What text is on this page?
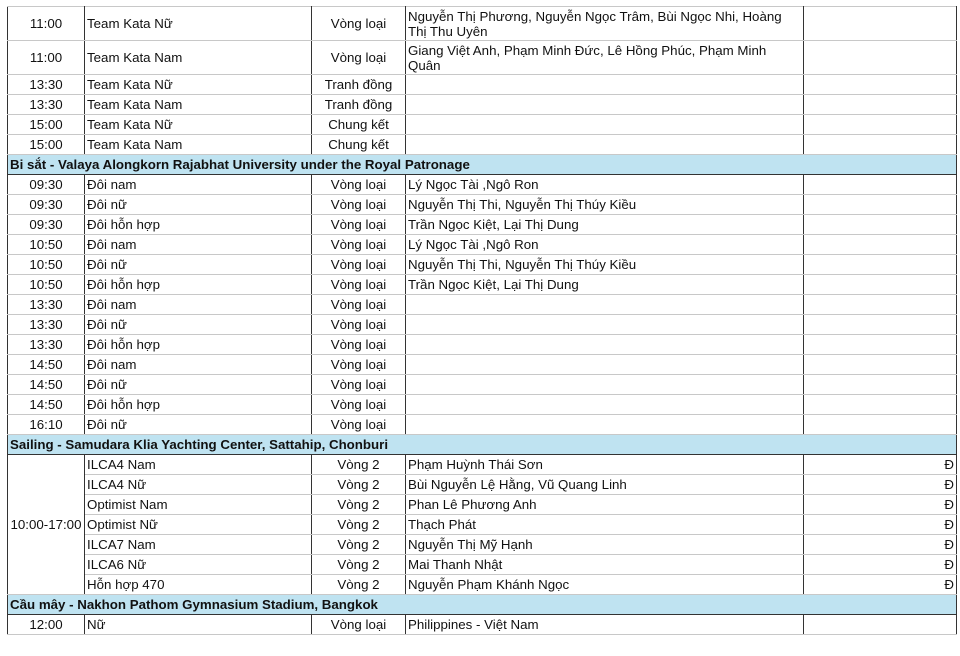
11:00	Team Kata Nữ	Vòng loại	Nguyễn Thị Phương, Nguyễn Ngọc Trâm, Bùi Ngọc Nhi, Hoàng Thị Thu Uyên	
11:00	Team Kata Nam	Vòng loại	Giang Việt Anh, Phạm Minh Đức, Lê Hồng Phúc, Phạm Minh Quân	
13:30	Team Kata Nữ	Tranh đồng		
13:30	Team Kata Nam	Tranh đồng		
15:00	Team Kata Nữ	Chung kết		
15:00	Team Kata Nam	Chung kết		
Bi sắt - Valaya Alongkorn Rajabhat University under the Royal Patronage				
09:30	Đôi nam	Vòng loại	Lý Ngọc Tài ,Ngô Ron	
09:30	Đôi nữ	Vòng loại	Nguyễn Thị Thi, Nguyễn Thị Thúy Kiều	
09:30	Đôi hỗn hợp	Vòng loại	Trần Ngọc Kiệt, Lại Thị Dung	
10:50	Đôi nam	Vòng loại	Lý Ngọc Tài ,Ngô Ron	
10:50	Đôi nữ	Vòng loại	Nguyễn Thị Thi, Nguyễn Thị Thúy Kiều	
10:50	Đôi hỗn hợp	Vòng loại	Trần Ngọc Kiệt, Lại Thị Dung	
13:30	Đôi nam	Vòng loại		
13:30	Đôi nữ	Vòng loại		
13:30	Đôi hỗn hợp	Vòng loại		
14:50	Đôi nam	Vòng loại		
14:50	Đôi nữ	Vòng loại		
14:50	Đôi hỗn hợp	Vòng loại		
16:10	Đôi nữ	Vòng loại		
Sailing - Samudara Klia Yachting Center, Sattahip, Chonburi				
10:00-17:00	ILCA4 Nam	Vòng 2	Phạm Huỳnh Thái Sơn	Đ
	ILCA4 Nữ	Vòng 2	Bùi Nguyễn Lệ Hằng, Vũ Quang Linh	Đ
	Optimist Nam	Vòng 2	Phan Lê Phương Anh	Đ
	Optimist Nữ	Vòng 2	Thạch Phát	Đ
	ILCA7 Nam	Vòng 2	Nguyễn Thị Mỹ Hạnh	Đ
	ILCA6 Nữ	Vòng 2	Mai Thanh Nhật	Đ
	Hỗn hợp 470	Vòng 2	Nguyễn Phạm Khánh Ngọc	Đ
Cầu mây - Nakhon Pathom Gymnasium Stadium, Bangkok				
12:00	Nữ	Vòng loại	Philippines - Việt Nam	
